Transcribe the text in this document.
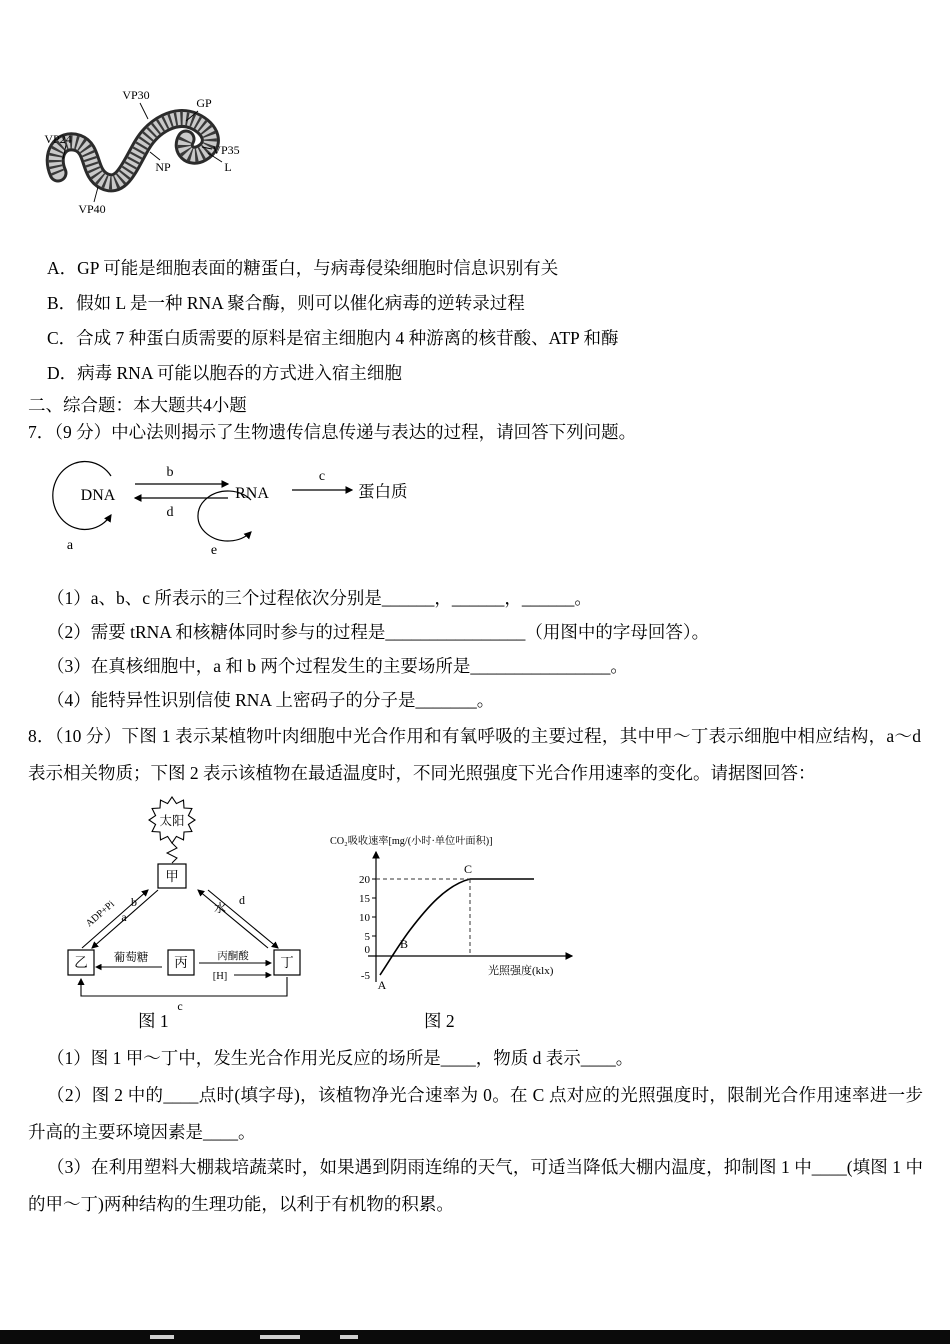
VP30
GP
VP24
VP35
NP	L
VP40
A．GP 可能是细胞表面的糖蛋白，与病毒侵染细胞时信息识别有关
B．假如 L 是一种 RNA 聚合酶，则可以催化病毒的逆转录过程
C．合成 7 种蛋白质需要的原料是宿主细胞内 4 种游离的核苷酸、ATP 和酶
D．病毒 RNA 可能以胞吞的方式进入宿主细胞
二、综合题：本大题共4小题
7．（9 分）中心法则揭示了生物遗传信息传递与表达的过程，请回答下列问题。
DNA
a
b
d
RNA
e
c
蛋白质
（1）a、b、c 所表示的三个过程依次分别是______，______，______。
（2）需要 tRNA 和核糖体同时参与的过程是________________（用图中的字母回答）。
（3）在真核细胞中，a 和 b 两个过程发生的主要场所是________________。
（4）能特异性识别信使 RNA 上密码子的分子是_______。
8．（10 分）下图 1 表示某植物叶肉细胞中光合作用和有氧呼吸的主要过程，其中甲～丁表示细胞中相应结构，a～d 表示相关物质；下图 2 表示该植物在最适温度时，不同光照强度下光合作用速率的变化。请据图回答：
太阳
甲
ADP+Pi b
a
水
d
乙	丙	丁
葡萄糖	丙酮酸
[H]
c
CO₂吸收速率[mg/(小时·单位叶面积)]
20
15
10
5
0
-5
A
B
C
光照强度(klx)
图 1	图 2
（1）图 1 甲～丁中，发生光合作用光反应的场所是____，物质 d 表示____。
（2）图 2 中的____点时(填字母)，该植物净光合速率为 0。在 C 点对应的光照强度时，限制光合作用速率进一步升高的主要环境因素是____。
（3）在利用塑料大棚栽培蔬菜时，如果遇到阴雨连绵的天气，可适当降低大棚内温度，抑制图 1 中____(填图 1 中的甲～丁)两种结构的生理功能，以利于有机物的积累。
